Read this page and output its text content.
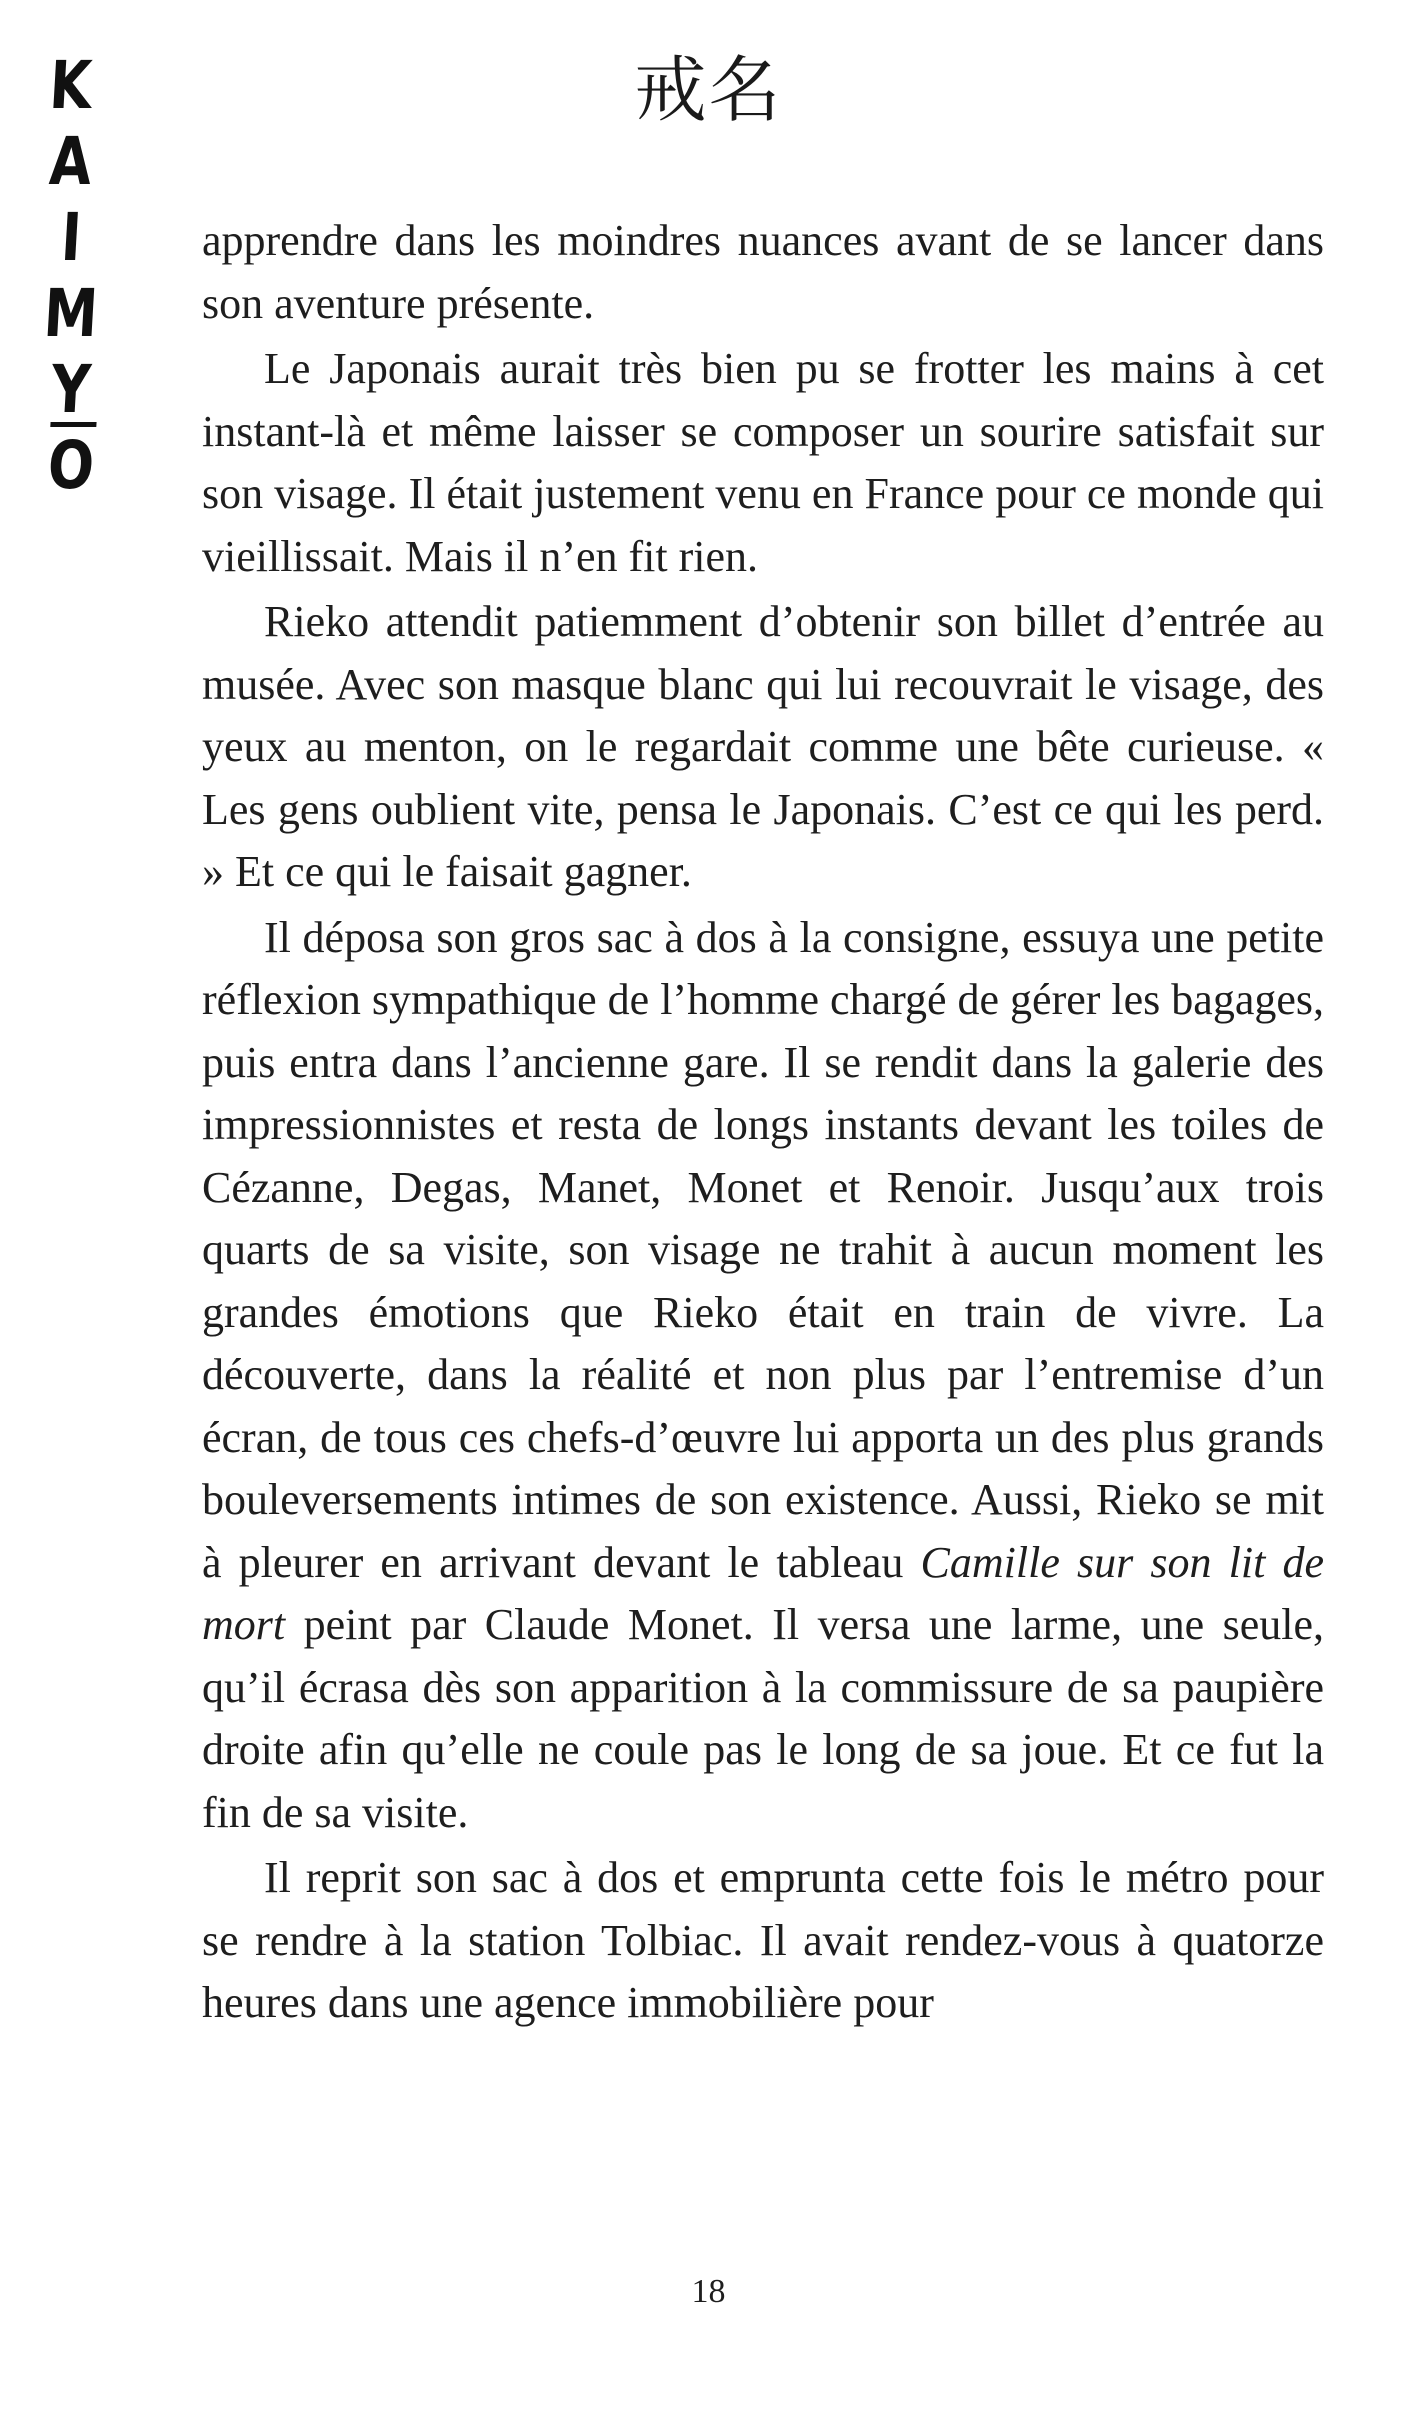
K
A
I
M
Y
$\overline{O}$
戒名

apprendre dans les moindres nuances avant de se lancer dans son aventure présente.

Le Japonais aurait très bien pu se frotter les mains à cet instant-là et même laisser se composer un sourire satisfait sur son visage. Il était justement venu en France pour ce monde qui vieillissait. Mais il n’en fit rien.

Rieko attendit patiemment d’obtenir son billet d’entrée au musée. Avec son masque blanc qui lui recouvrait le visage, des yeux au menton, on le regardait comme une bête curieuse. « Les gens oublient vite, pensa le Japonais. C’est ce qui les perd. » Et ce qui le faisait gagner.

Il déposa son gros sac à dos à la consigne, essuya une petite réflexion sympathique de l’homme chargé de gérer les bagages, puis entra dans l’ancienne gare. Il se rendit dans la galerie des impressionnistes et resta de longs instants devant les toiles de Cézanne, Degas, Manet, Monet et Renoir. Jusqu’aux trois quarts de sa visite, son visage ne trahit à aucun moment les grandes émotions que Rieko était en train de vivre. La découverte, dans la réalité et non plus par l’entremise d’un écran, de tous ces chefs-d’œuvre lui apporta un des plus grands bouleversements intimes de son existence. Aussi, Rieko se mit à pleurer en arrivant devant le tableau Camille sur son lit de mort peint par Claude Monet. Il versa une larme, une seule, qu’il écrasa dès son apparition à la commissure de sa paupière droite afin qu’elle ne coule pas le long de sa joue. Et ce fut la fin de sa visite.

Il reprit son sac à dos et emprunta cette fois le métro pour se rendre à la station Tolbiac. Il avait rendez-vous à quatorze heures dans une agence immobilière pour

18
